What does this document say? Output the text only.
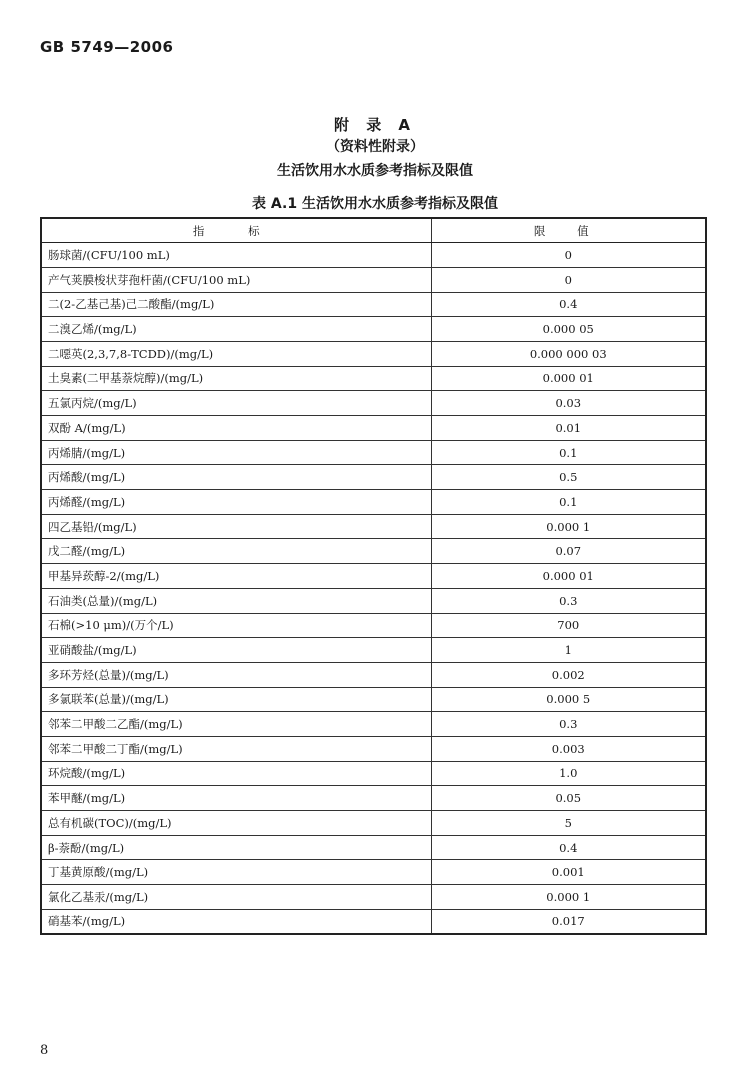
GB 5749—2006
附 录 A
（资料性附录）
生活饮用水水质参考指标及限值
表 A.1 生活饮用水水质参考指标及限值
指 标	限 值
肠球菌/(CFU/100 mL)	0
产气荚膜梭状芽孢杆菌/(CFU/100 mL)	0
二(2-乙基己基)己二酸酯/(mg/L)	0.4
二溴乙烯/(mg/L)	0.000 05
二噁英(2,3,7,8-TCDD)/(mg/L)	0.000 000 03
土臭素(二甲基萘烷醇)/(mg/L)	0.000 01
五氯丙烷/(mg/L)	0.03
双酚 A/(mg/L)	0.01
丙烯腈/(mg/L)	0.1
丙烯酸/(mg/L)	0.5
丙烯醛/(mg/L)	0.1
四乙基铅/(mg/L)	0.000 1
戊二醛/(mg/L)	0.07
甲基异莰醇-2/(mg/L)	0.000 01
石油类(总量)/(mg/L)	0.3
石棉(>10 μm)/(万个/L)	700
亚硝酸盐/(mg/L)	1
多环芳烃(总量)/(mg/L)	0.002
多氯联苯(总量)/(mg/L)	0.000 5
邻苯二甲酸二乙酯/(mg/L)	0.3
邻苯二甲酸二丁酯/(mg/L)	0.003
环烷酸/(mg/L)	1.0
苯甲醚/(mg/L)	0.05
总有机碳(TOC)/(mg/L)	5
β-萘酚/(mg/L)	0.4
丁基黄原酸/(mg/L)	0.001
氯化乙基汞/(mg/L)	0.000 1
硝基苯/(mg/L)	0.017
8
